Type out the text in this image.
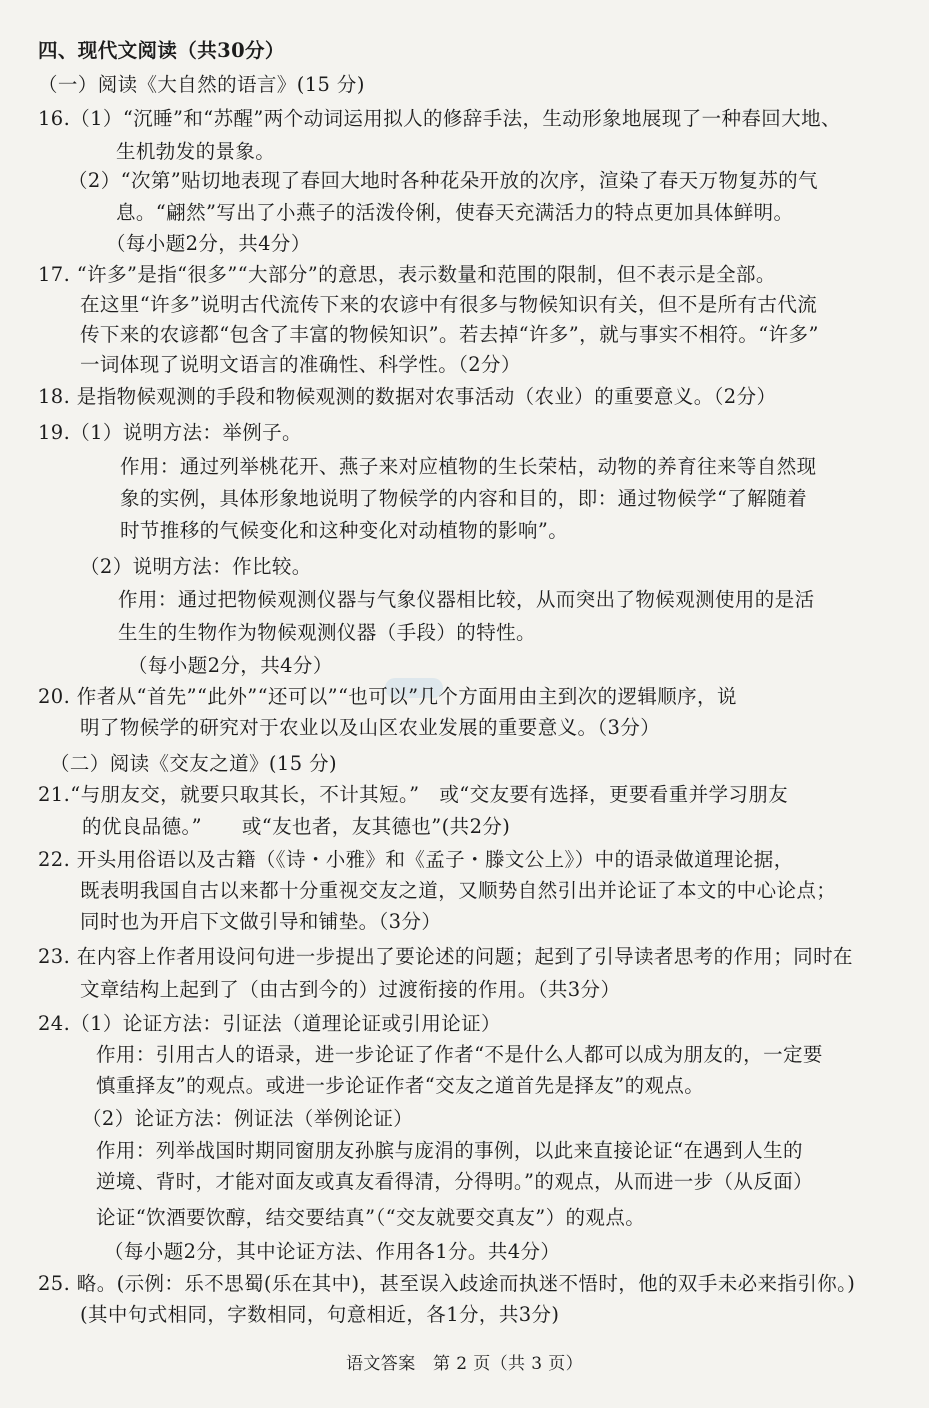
四、现代文阅读（共30分）
（一）阅读《大自然的语言》(15 分)
16.（1）“沉睡”和“苏醒”两个动词运用拟人的修辞手法，生动形象地展现了一种春回大地、
生机勃发的景象。
（2）“次第”贴切地表现了春回大地时各种花朵开放的次序，渲染了春天万物复苏的气
息。“翩然”写出了小燕子的活泼伶俐，使春天充满活力的特点更加具体鲜明。
（每小题2分，共4分）
17. “许多”是指“很多”“大部分”的意思，表示数量和范围的限制，但不表示是全部。
在这里“许多”说明古代流传下来的农谚中有很多与物候知识有关，但不是所有古代流
传下来的农谚都“包含了丰富的物候知识”。若去掉“许多”，就与事实不相符。“许多”
一词体现了说明文语言的准确性、科学性。（2分）
18. 是指物候观测的手段和物候观测的数据对农事活动（农业）的重要意义。（2分）
19.（1）说明方法：举例子。
作用：通过列举桃花开、燕子来对应植物的生长荣枯，动物的养育往来等自然现
象的实例，具体形象地说明了物候学的内容和目的，即：通过物候学“了解随着
时节推移的气候变化和这种变化对动植物的影响”。
（2）说明方法：作比较。
作用：通过把物候观测仪器与气象仪器相比较，从而突出了物候观测使用的是活
生生的生物作为物候观测仪器（手段）的特性。
（每小题2分，共4分）
20. 作者从“首先”“此外”“还可以”“也可以”几个方面用由主到次的逻辑顺序，说
明了物候学的研究对于农业以及山区农业发展的重要意义。（3分）
（二）阅读《交友之道》(15 分)
21.“与朋友交，就要只取其长，不计其短。”　或“交友要有选择，更要看重并学习朋友
的优良品德。”　　或“友也者，友其德也”(共2分)
22. 开头用俗语以及古籍（《诗・小雅》和《孟子・滕文公上》）中的语录做道理论据，
既表明我国自古以来都十分重视交友之道，又顺势自然引出并论证了本文的中心论点；
同时也为开启下文做引导和铺垫。（3分）
23. 在内容上作者用设问句进一步提出了要论述的问题；起到了引导读者思考的作用；同时在
文章结构上起到了（由古到今的）过渡衔接的作用。（共3分）
24.（1）论证方法：引证法（道理论证或引用论证）
作用：引用古人的语录，进一步论证了作者“不是什么人都可以成为朋友的，一定要
慎重择友”的观点。或进一步论证作者“交友之道首先是择友”的观点。
（2）论证方法：例证法（举例论证）
作用：列举战国时期同窗朋友孙膑与庞涓的事例，以此来直接论证“在遇到人生的
逆境、背时，才能对面友或真友看得清，分得明。”的观点，从而进一步（从反面）
论证“饮酒要饮醇，结交要结真”（“交友就要交真友”）的观点。
（每小题2分，其中论证方法、作用各1分。共4分）
25. 略。(示例：乐不思蜀(乐在其中)，甚至误入歧途而执迷不悟时，他的双手未必来指引你。)
(其中句式相同，字数相同，句意相近，各1分，共3分)
语文答案　第 2 页（共 3 页）
